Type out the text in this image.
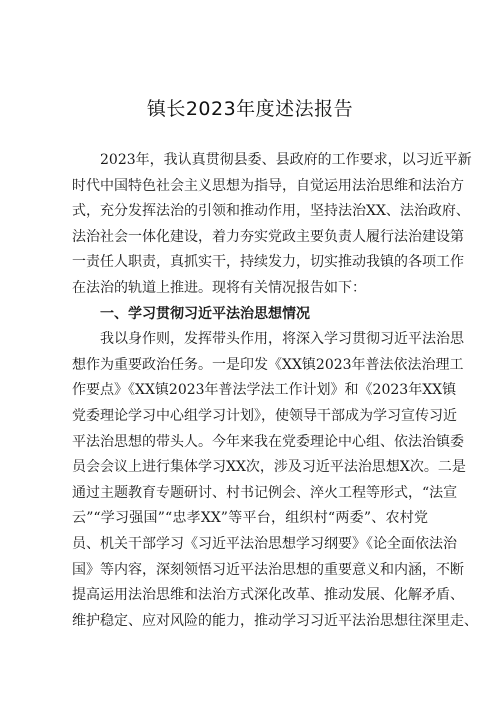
镇长2023年度述法报告
2023年，我认真贯彻县委、县政府的工作要求，以习近平新
时代中国特色社会主义思想为指导，自觉运用法治思维和法治方
式，充分发挥法治的引领和推动作用，坚持法治XX、法治政府、
法治社会一体化建设，着力夯实党政主要负责人履行法治建设第
一责任人职责，真抓实干，持续发力，切实推动我镇的各项工作
在法治的轨道上推进。现将有关情况报告如下：
一、学习贯彻习近平法治思想情况
我以身作则，发挥带头作用，将深入学习贯彻习近平法治思
想作为重要政治任务。一是印发《XX镇2023年普法依法治理工
作要点》《XX镇2023年普法学法工作计划》和《2023年XX镇
党委理论学习中心组学习计划》，使领导干部成为学习宣传习近
平法治思想的带头人。今年来我在党委理论中心组、依法治镇委
员会会议上进行集体学习XX次，涉及习近平法治思想X次。二是
通过主题教育专题研讨、村书记例会、淬火工程等形式，“法宣
云”“学习强国”“忠孝XX”等平台，组织村“两委”、农村党
员、机关干部学习《习近平法治思想学习纲要》《论全面依法治
国》等内容，深刻领悟习近平法治思想的重要意义和内涵，不断
提高运用法治思维和法治方式深化改革、推动发展、化解矛盾、
维护稳定、应对风险的能力，推动学习习近平法治思想往深里走、
